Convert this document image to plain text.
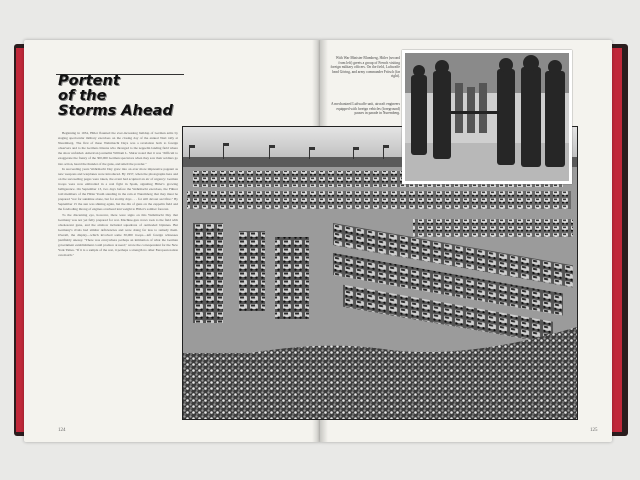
Portent
of the
Storms Ahead

Beginning in 1934, Hitler flaunted the ever-increasing buildup of German arms by staging spectacular military exercises on the closing day of the annual Nazi rally at Nuremberg. The first of these Wehrmacht Days was a revelation both to foreign observers and to the German citizens who thronged to the zeppelin landing field where the show unfolded. American journalist William L. Shirer noted that it was "difficult to exaggerate the frenzy of the 300,000 German spectators when they saw their soldiers go into action, heard the thunder of the guns, and smelt the powder."

In succeeding years Wehrmacht Day grew into an ever more impressive pageant as new weapons and warplanes were introduced. By 1937, when the photographs here and on the succeeding pages were taken, the event had acquired an air of urgency: German troops were now embroiled in a real fight in Spain, signaling Hitler's growing belligerence. On September 13, two days before the Wehrmacht exercises, the Führer told members of the Hitler Youth standing in the rain at Nuremberg that they must be prepared "not for sunshine alone, but for stormy days . . . for still devout sacrifice." By September 15 the sun was shining again, but the din of guns on the zeppelin field and the foreboding throng of engines overhead lent weight to Hitler's somber forecast.

To the discerning eye, however, there were signs on this Wehrmacht Day that Germany was not yet fully prepared for war. Machine-gun crews took to the field with obsolescent guns, and the airshow included squadrons of outmoded biplanes. But Germany's rivals had similar deficiencies and were doing far less to remedy them. Overall, the display—which involved some 30,000 troops—left foreign witnesses justifiably uneasy. "There was everywhere perhaps an intimation of what the German government establishment could produce at need," wrote the correspondent for the New York Times. "If it is a sample of the rest, it perhaps a strength no other European nation can match."

With War Minister Blomberg, Hitler (second from left) greets a group of French visiting foreign military officers. On the field, Luftwaffe head Göring, and army commander Fritsch (far right).
A mechanized Luftwaffe unit, aircraft engineers equipped with foreign vehicles (foreground) pauses in parade in Nuremberg.
124	125
